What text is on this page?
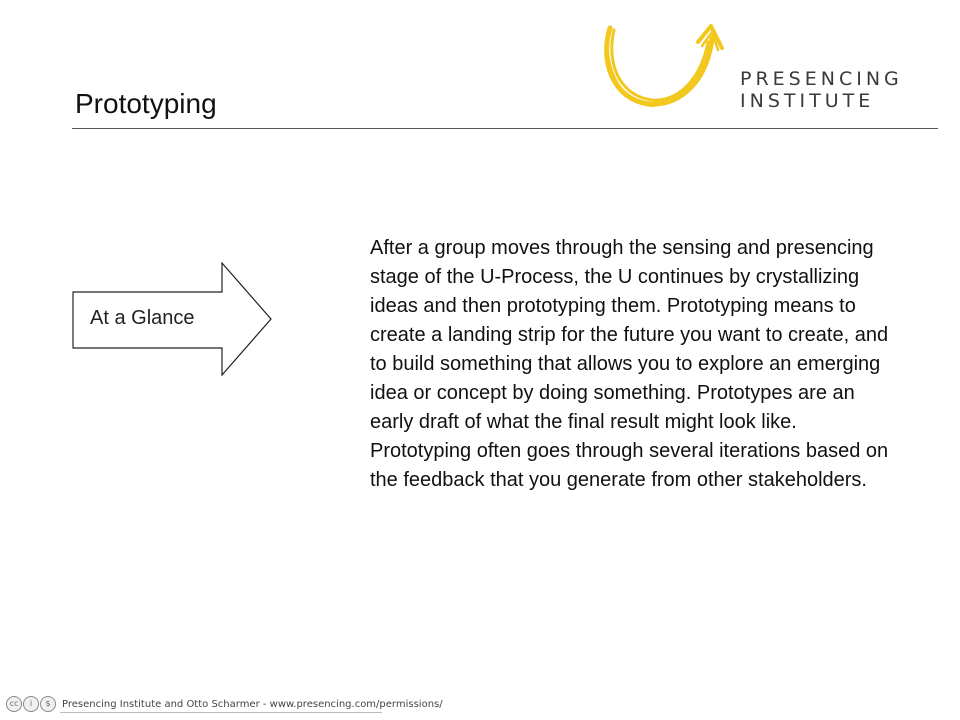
Prototyping
PRESENCING
INSTITUTE
At a Glance

After a group moves through the sensing and presencing stage of the U-Process, the U continues by crystallizing ideas and then prototyping them. Prototyping means to create a landing strip for the future you want to create, and to build something that allows you to explore an emerging idea or concept by doing something. Prototypes are an early draft of what the final result might look like. Prototyping often goes through several iterations based on the feedback that you generate from other stakeholders.

cc	i	$	Presencing Institute and Otto Scharmer - www.presencing.com/permissions/
